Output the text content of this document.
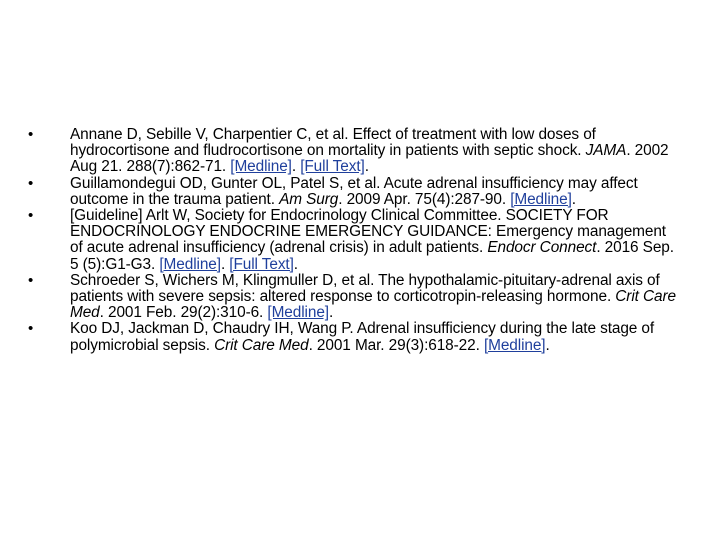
• Annane D, Sebille V, Charpentier C, et al. Effect of treatment with low doses of hydrocortisone and fludrocortisone on mortality in patients with septic shock. JAMA. 2002 Aug 21. 288(7):862-71. [Medline]. [Full Text].
• Guillamondegui OD, Gunter OL, Patel S, et al. Acute adrenal insufficiency may affect outcome in the trauma patient. Am Surg. 2009 Apr. 75(4):287-90. [Medline].
• [Guideline] Arlt W, Society for Endocrinology Clinical Committee. SOCIETY FOR ENDOCRINOLOGY ENDOCRINE EMERGENCY GUIDANCE: Emergency management of acute adrenal insufficiency (adrenal crisis) in adult patients. Endocr Connect. 2016 Sep. 5 (5):G1-G3. [Medline]. [Full Text].
• Schroeder S, Wichers M, Klingmuller D, et al. The hypothalamic-pituitary-adrenal axis of patients with severe sepsis: altered response to corticotropin-releasing hormone. Crit Care Med. 2001 Feb. 29(2):310-6. [Medline].
• Koo DJ, Jackman D, Chaudry IH, Wang P. Adrenal insufficiency during the late stage of polymicrobial sepsis. Crit Care Med. 2001 Mar. 29(3):618-22. [Medline].
